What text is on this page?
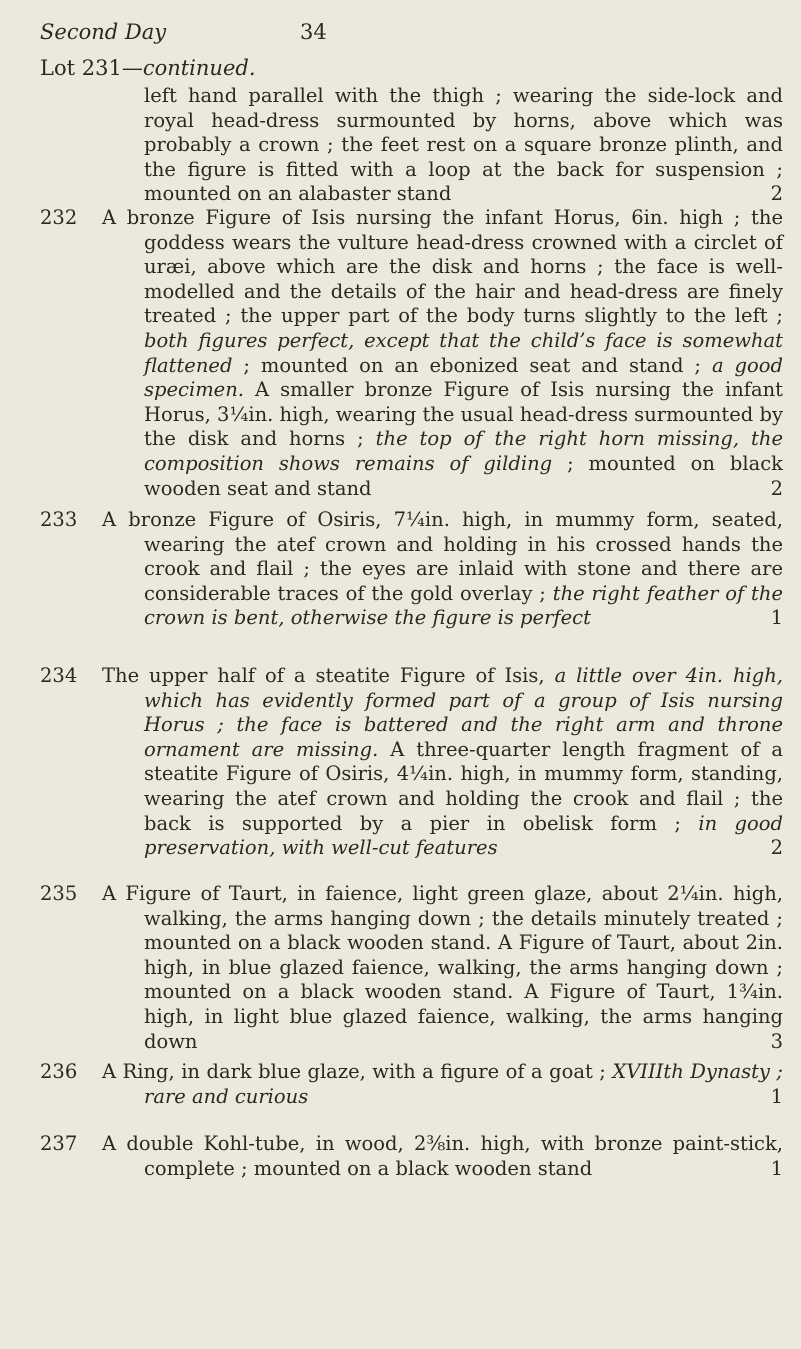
Second Day	34
Lot 231—continued.
left hand parallel with the thigh ; wearing the side-lock and royal head-dress surmounted by horns, above which was probably a crown ; the feet rest on a square bronze plinth, and the figure is fitted with a loop at the back for suspension ; mounted on an alabaster stand	2
232	A bronze Figure of Isis nursing the infant Horus, 6in. high ; the goddess wears the vulture head-dress crowned with a circlet of uræi, above which are the disk and horns ; the face is well-modelled and the details of the hair and head-dress are finely treated ; the upper part of the body turns slightly to the left ; both figures perfect, except that the child’s face is somewhat flattened ; mounted on an ebonized seat and stand ; a good specimen. A smaller bronze Figure of Isis nursing the infant Horus, 3¼in. high, wearing the usual head-dress surmounted by the disk and horns ; the top of the right horn missing, the composition shows remains of gilding ; mounted on black wooden seat and stand	2
233	A bronze Figure of Osiris, 7¼in. high, in mummy form, seated, wearing the atef crown and holding in his crossed hands the crook and flail ; the eyes are inlaid with stone and there are considerable traces of the gold overlay ; the right feather of the crown is bent, otherwise the figure is perfect	1
234	The upper half of a steatite Figure of Isis, a little over 4in. high, which has evidently formed part of a group of Isis nursing Horus ; the face is battered and the right arm and throne ornament are missing. A three-quarter length fragment of a steatite Figure of Osiris, 4¼in. high, in mummy form, standing, wearing the atef crown and holding the crook and flail ; the back is supported by a pier in obelisk form ; in good preservation, with well-cut features	2
235	A Figure of Taurt, in faience, light green glaze, about 2¼in. high, walking, the arms hanging down ; the details minutely treated ; mounted on a black wooden stand. A Figure of Taurt, about 2in. high, in blue glazed faience, walking, the arms hanging down ; mounted on a black wooden stand. A Figure of Taurt, 1¾in. high, in light blue glazed faience, walking, the arms hanging down	3
236	A Ring, in dark blue glaze, with a figure of a goat ; XVIIIth Dynasty ; rare and curious	1
237	A double Kohl-tube, in wood, 2⅜in. high, with bronze paint-stick, complete ; mounted on a black wooden stand	1
